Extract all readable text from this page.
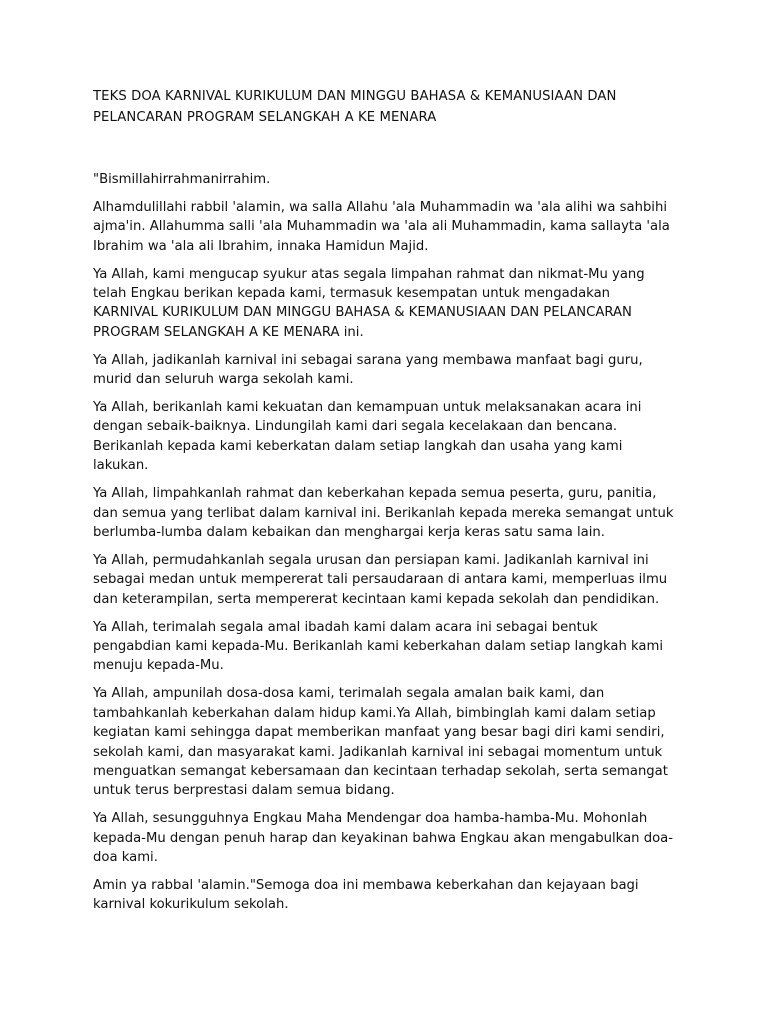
TEKS DOA KARNIVAL KURIKULUM DAN MINGGU BAHASA & KEMANUSIAAN DAN PELANCARAN PROGRAM SELANGKAH A KE MENARA

"Bismillahirrahmanirrahim.

Alhamdulillahi rabbil 'alamin, wa salla Allahu 'ala Muhammadin wa 'ala alihi wa sahbihi ajma'in. Allahumma salli 'ala Muhammadin wa 'ala ali Muhammadin, kama sallayta 'ala Ibrahim wa 'ala ali Ibrahim, innaka Hamidun Majid.

Ya Allah, kami mengucap syukur atas segala limpahan rahmat dan nikmat-Mu yang telah Engkau berikan kepada kami, termasuk kesempatan untuk mengadakan KARNIVAL KURIKULUM DAN MINGGU BAHASA & KEMANUSIAAN DAN PELANCARAN PROGRAM SELANGKAH A KE MENARA ini.

Ya Allah, jadikanlah karnival ini sebagai sarana yang membawa manfaat bagi guru, murid dan seluruh warga sekolah kami.

Ya Allah, berikanlah kami kekuatan dan kemampuan untuk melaksanakan acara ini dengan sebaik-baiknya. Lindungilah kami dari segala kecelakaan dan bencana. Berikanlah kepada kami keberkatan dalam setiap langkah dan usaha yang kami lakukan.

Ya Allah, limpahkanlah rahmat dan keberkahan kepada semua peserta, guru, panitia, dan semua yang terlibat dalam karnival ini. Berikanlah kepada mereka semangat untuk berlumba-lumba dalam kebaikan dan menghargai kerja keras satu sama lain.

Ya Allah, permudahkanlah segala urusan dan persiapan kami. Jadikanlah karnival ini sebagai medan untuk mempererat tali persaudaraan di antara kami, memperluas ilmu dan keterampilan, serta mempererat kecintaan kami kepada sekolah dan pendidikan.

Ya Allah, terimalah segala amal ibadah kami dalam acara ini sebagai bentuk pengabdian kami kepada-Mu. Berikanlah kami keberkahan dalam setiap langkah kami menuju kepada-Mu.

Ya Allah, ampunilah dosa-dosa kami, terimalah segala amalan baik kami, dan tambahkanlah keberkahan dalam hidup kami.Ya Allah, bimbinglah kami dalam setiap kegiatan kami sehingga dapat memberikan manfaat yang besar bagi diri kami sendiri, sekolah kami, dan masyarakat kami. Jadikanlah karnival ini sebagai momentum untuk menguatkan semangat kebersamaan dan kecintaan terhadap sekolah, serta semangat untuk terus berprestasi dalam semua bidang.

Ya Allah, sesungguhnya Engkau Maha Mendengar doa hamba-hamba-Mu. Mohonlah kepada-Mu dengan penuh harap dan keyakinan bahwa Engkau akan mengabulkan doa-doa kami.

Amin ya rabbal 'alamin."Semoga doa ini membawa keberkahan dan kejayaan bagi karnival kokurikulum sekolah.
